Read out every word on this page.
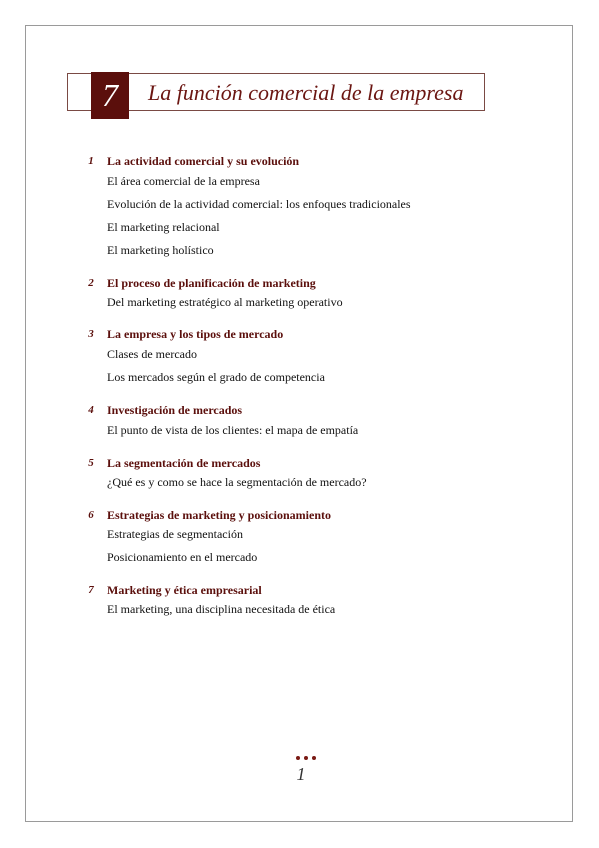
7	La función comercial de la empresa
1	La actividad comercial y su evolución
El área comercial de la empresa
Evolución de la actividad comercial: los enfoques tradicionales
El marketing relacional
El marketing holístico
2	El proceso de planificación de marketing
Del marketing estratégico al marketing operativo
3	La empresa y los tipos de mercado
Clases de mercado
Los mercados según el grado de competencia
4	Investigación de mercados
El punto de vista de los clientes: el mapa de empatía
5	La segmentación de mercados
¿Qué es y como se hace la segmentación de mercado?
6	Estrategias de marketing y posicionamiento
Estrategias de segmentación
Posicionamiento en el mercado
7	Marketing y ética empresarial
El marketing, una disciplina necesitada de ética
1
